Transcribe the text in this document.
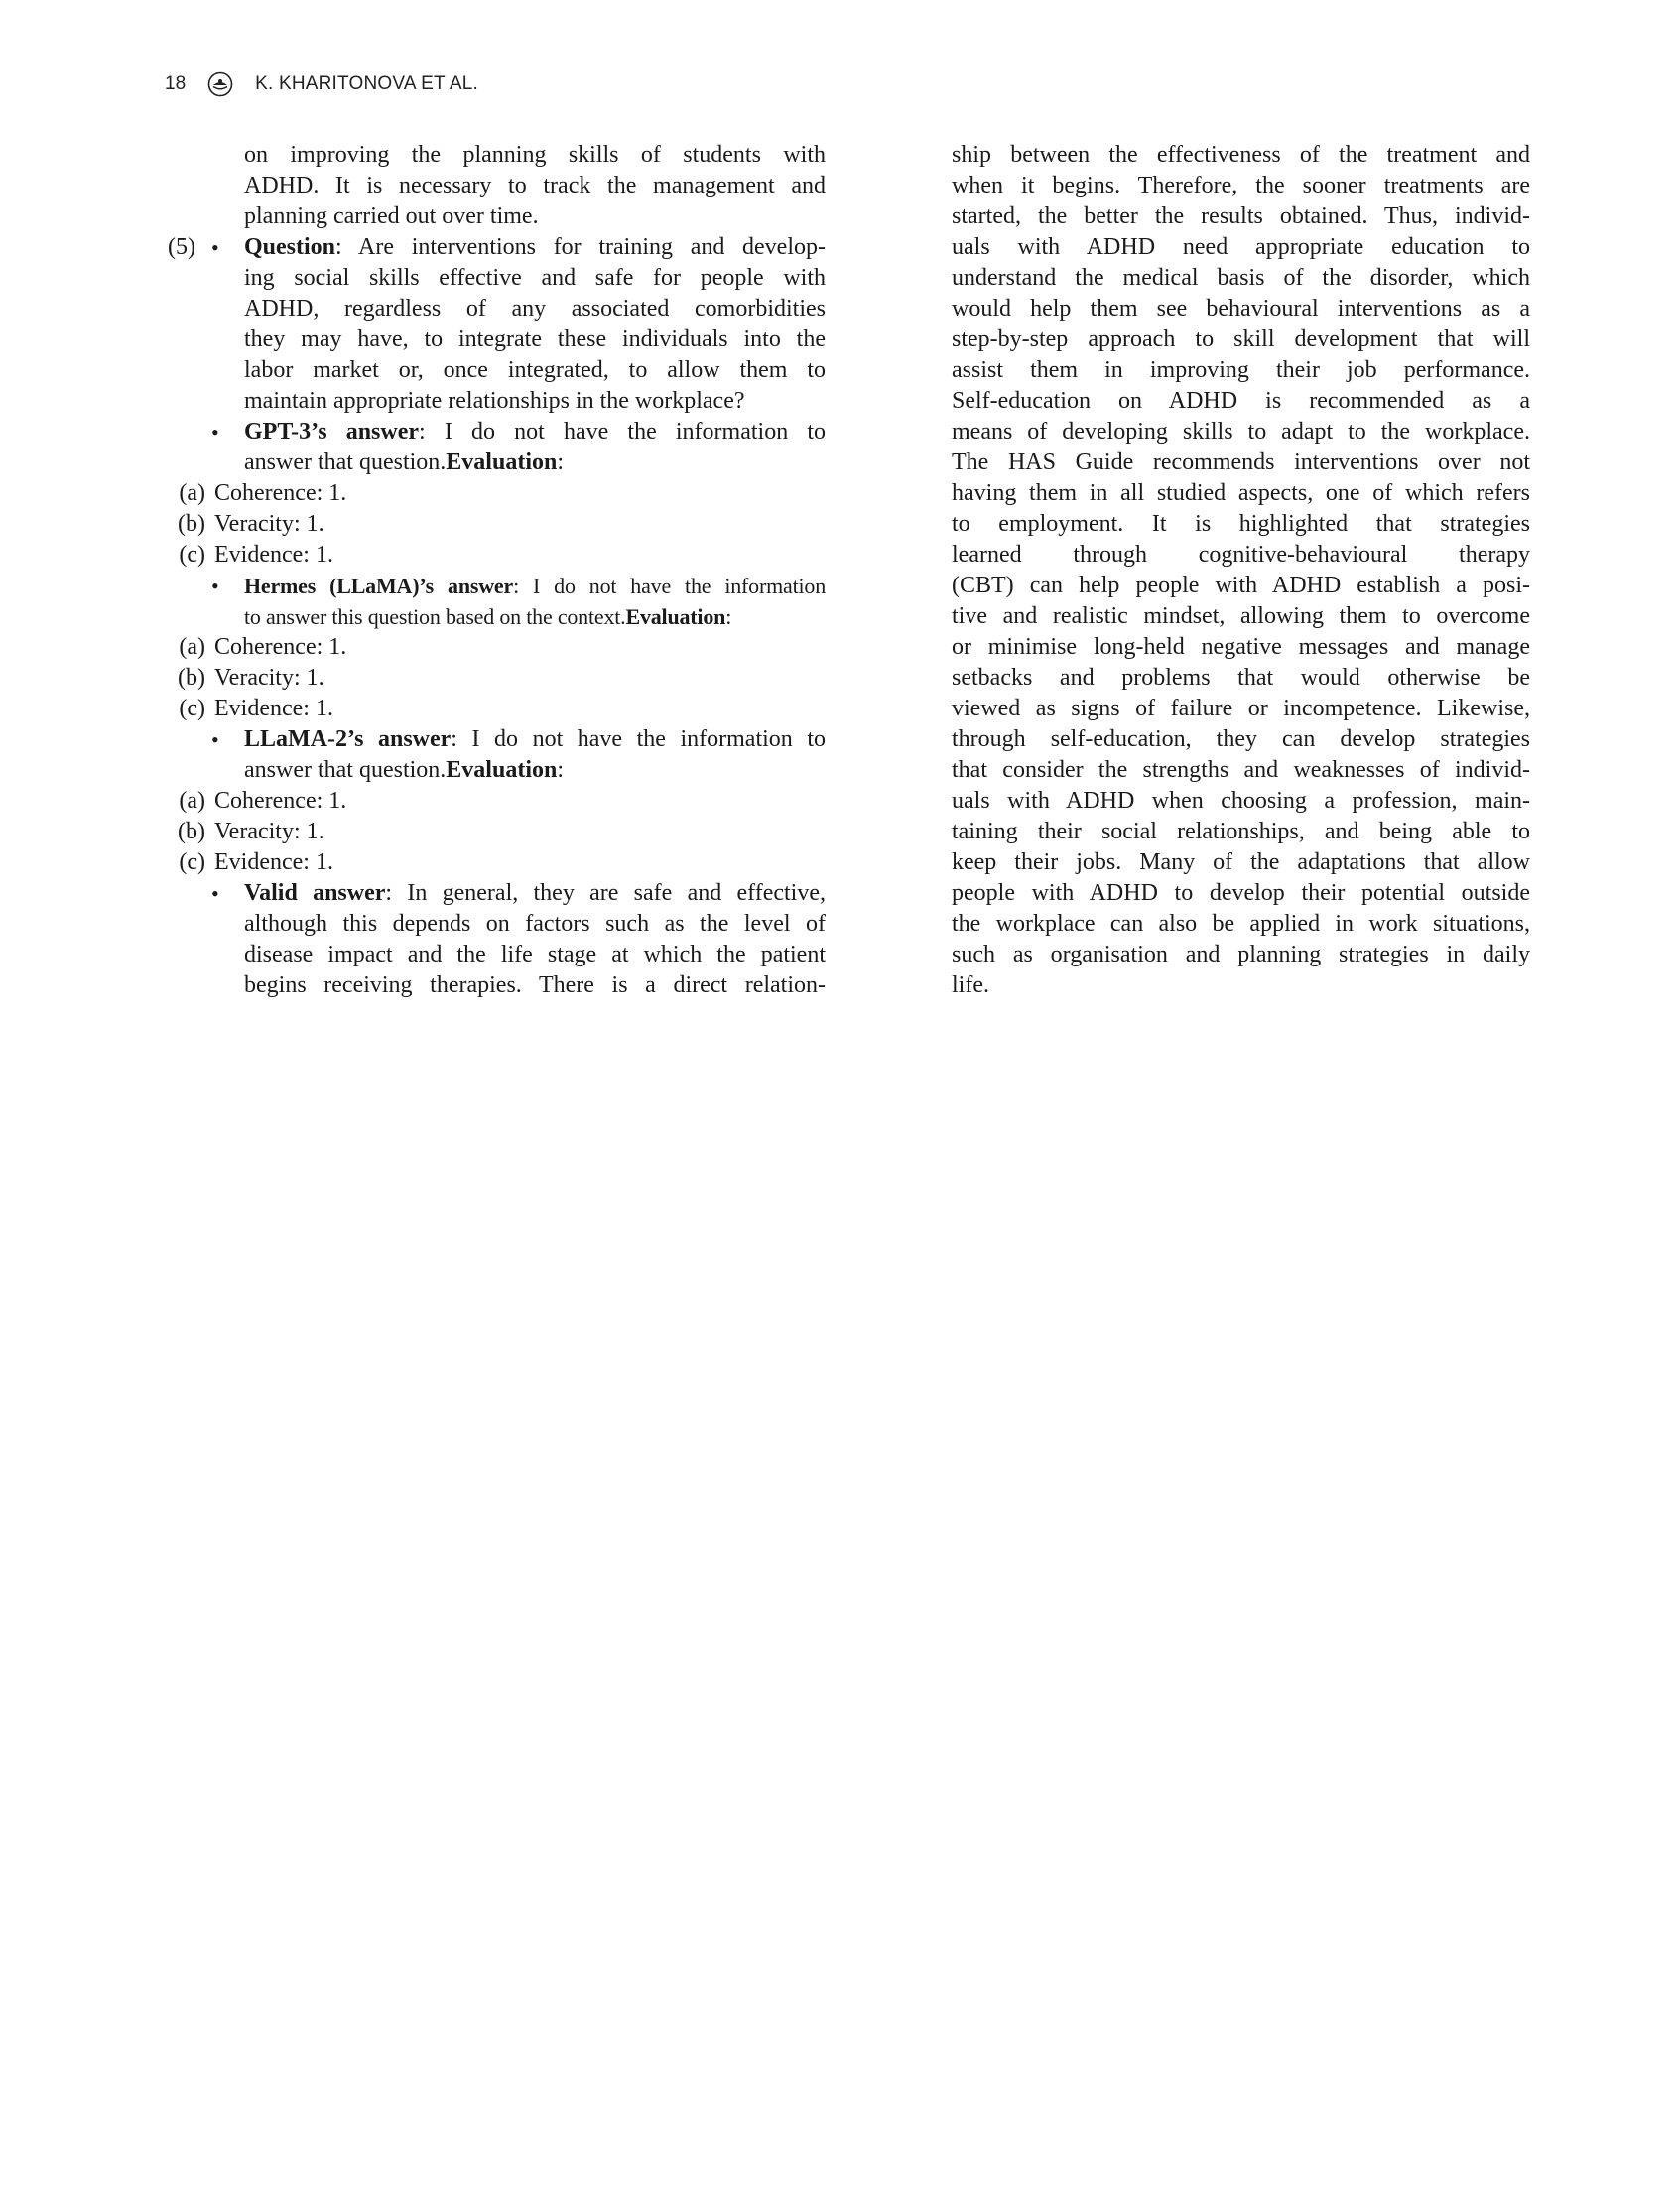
18	K. KHARITONOVA ET AL.
on improving the planning skills of students with
ADHD. It is necessary to track the management and
planning carried out over time.
(5) • Question: Are interventions for training and develop-
ing social skills effective and safe for people with
ADHD, regardless of any associated comorbidities
they may have, to integrate these individuals into the
labor market or, once integrated, to allow them to
maintain appropriate relationships in the workplace?
• GPT-3’s answer: I do not have the information to
answer that question.Evaluation:
(a) Coherence: 1.
(b) Veracity: 1.
(c) Evidence: 1.
• Hermes (LLaMA)’s answer: I do not have the information
to answer this question based on the context.Evaluation:
(a) Coherence: 1.
(b) Veracity: 1.
(c) Evidence: 1.
• LLaMA-2’s answer: I do not have the information to
answer that question.Evaluation:
(a) Coherence: 1.
(b) Veracity: 1.
(c) Evidence: 1.
• Valid answer: In general, they are safe and effective,
although this depends on factors such as the level of
disease impact and the life stage at which the patient
begins receiving therapies. There is a direct relation-
ship between the effectiveness of the treatment and
when it begins. Therefore, the sooner treatments are
started, the better the results obtained. Thus, individ-
uals with ADHD need appropriate education to
understand the medical basis of the disorder, which
would help them see behavioural interventions as a
step-by-step approach to skill development that will
assist them in improving their job performance.
Self-education on ADHD is recommended as a
means of developing skills to adapt to the workplace.
The HAS Guide recommends interventions over not
having them in all studied aspects, one of which refers
to employment. It is highlighted that strategies
learned through cognitive-behavioural therapy
(CBT) can help people with ADHD establish a posi-
tive and realistic mindset, allowing them to overcome
or minimise long-held negative messages and manage
setbacks and problems that would otherwise be
viewed as signs of failure or incompetence. Likewise,
through self-education, they can develop strategies
that consider the strengths and weaknesses of individ-
uals with ADHD when choosing a profession, main-
taining their social relationships, and being able to
keep their jobs. Many of the adaptations that allow
people with ADHD to develop their potential outside
the workplace can also be applied in work situations,
such as organisation and planning strategies in daily
life.
